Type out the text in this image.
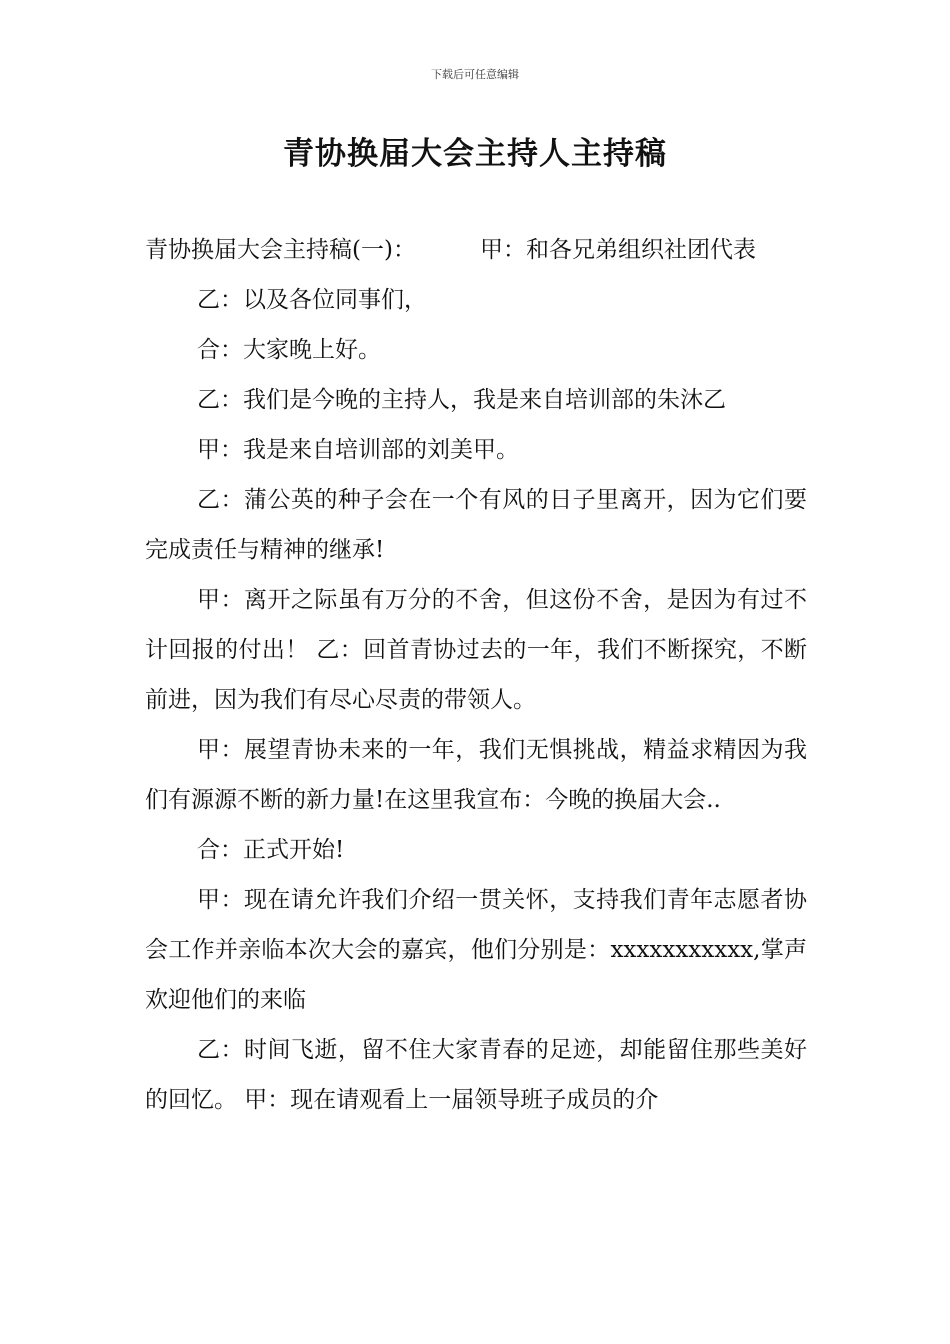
下载后可任意编辑
青协换届大会主持人主持稿

青协换届大会主持稿(一)：	甲：和各兄弟组织社团代表

乙：以及各位同事们，

合：大家晚上好。

乙：我们是今晚的主持人，我是来自培训部的朱沐乙

甲：我是来自培训部的刘美甲。

乙：蒲公英的种子会在一个有风的日子里离开，因为它们要完成责任与精神的继承!

甲：离开之际虽有万分的不舍，但这份不舍，是因为有过不计回报的付出！ 乙：回首青协过去的一年，我们不断探究，不断前进，因为我们有尽心尽责的带领人。

甲：展望青协未来的一年，我们无惧挑战，精益求精因为我们有源源不断的新力量!在这里我宣布：今晚的换届大会..

合：正式开始!

甲：现在请允许我们介绍一贯关怀，支持我们青年志愿者协会工作并亲临本次大会的嘉宾，他们分别是：xxxxxxxxxxx,掌声欢迎他们的来临

乙：时间飞逝，留不住大家青春的足迹，却能留住那些美好的回忆。 甲：现在请观看上一届领导班子成员的介
